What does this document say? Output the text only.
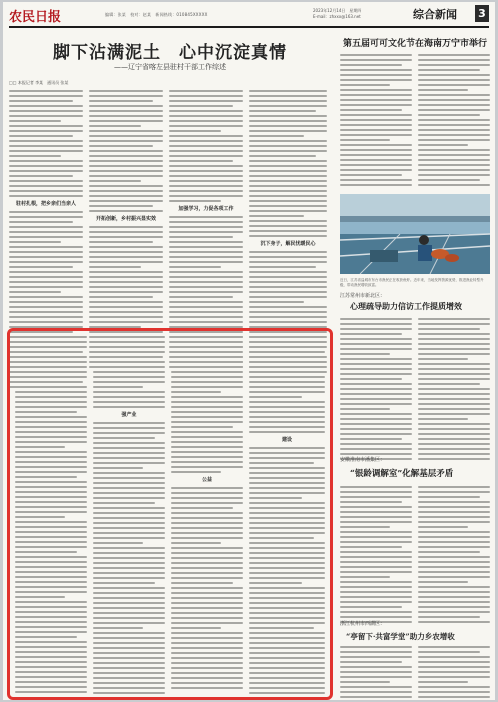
农民日报	编辑：张某　校对：赵某　新闻热线：010845XXXXX
2023年12月14日　星期四
E-mail：zhxxx@163.net	综合新闻 3
脚下沾满泥土　心中沉淀真情
——辽宁省喀左县驻村干部工作综述
□□ 本报记者 李某　通讯员 张某
驻村扎根，把乡亲们当亲人
开拓创新，乡村振兴显实效
加强学习，力促各项工作
沉下身子，解民忧暖民心
强产业
公益
建设
第五届可可文化节在海南万宁市举行
近日，江苏省盐城市东台市渔民正在收获鱼虾。近年来，当地发挥资源优势，推进渔业转型升级，带动渔民增收致富。
江苏常州市新北区：
心理疏导助力信访工作提质增效
安徽淮南市潘集区：
“银龄调解室”化解基层矛盾
浙江杭州市西湖区：
“亭留下·共富学堂”助力乡农增收
